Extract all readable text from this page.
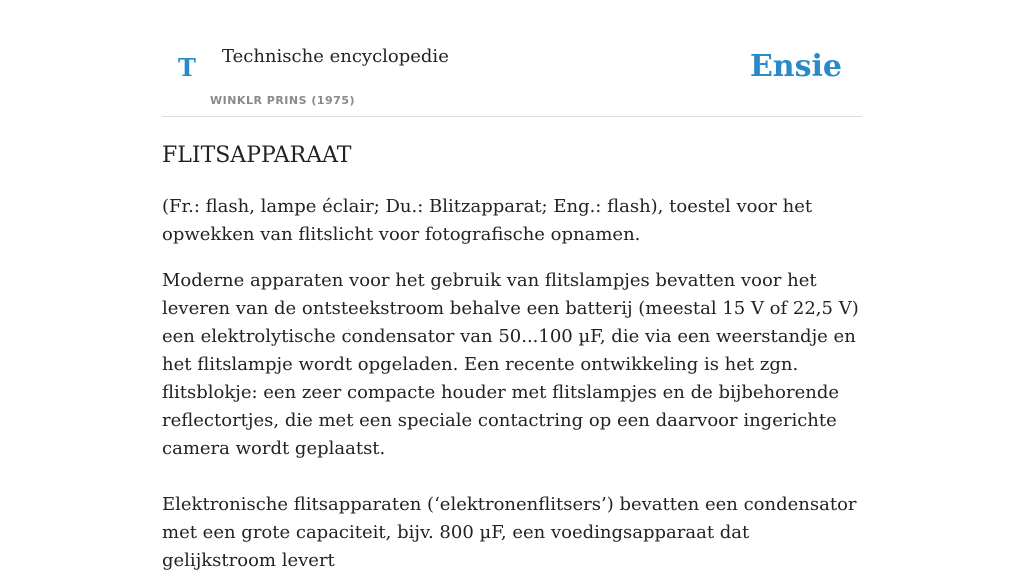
T Technische encyclopedie
WINKLR PRINS (1975)
Ensie
FLITSAPPARAAT

(Fr.: flash, lampe éclair; Du.: Blitzapparat; Eng.: flash), toestel voor het opwekken van flitslicht voor fotografische opnamen.

Moderne apparaten voor het gebruik van flitslampjes bevatten voor het leveren van de ontsteekstroom behalve een batterij (meestal 15 V of 22,5 V) een elektrolytische condensator van 50...100 µF, die via een weerstandje en het flitslampje wordt opgeladen. Een recente ontwikkeling is het zgn. flitsblokje: een zeer compacte houder met flitslampjes en de bijbehorende reflectortjes, die met een speciale contactring op een daarvoor ingerichte camera wordt geplaatst.

Elektronische flitsapparaten (‘elektronenflitsers’) bevatten een condensator met een grote capaciteit, bijv. 800 µF, een voedingsapparaat dat gelijkstroom levert
